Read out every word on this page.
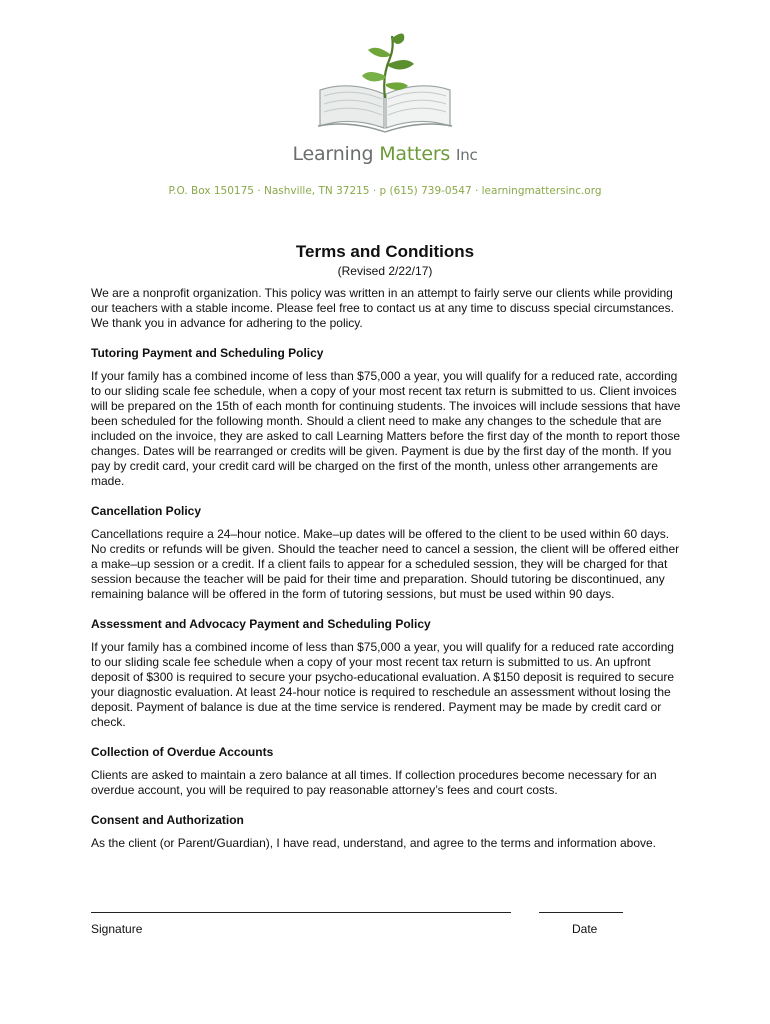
Learning Matters Inc
P.O. Box 150175 · Nashville, TN 37215 · p (615) 739-0547 · learningmattersinc.org
Terms and Conditions
(Revised 2/22/17)

We are a nonprofit organization. This policy was written in an attempt to fairly serve our clients while providing our teachers with a stable income. Please feel free to contact us at any time to discuss special circumstances. We thank you in advance for adhering to the policy.

Tutoring Payment and Scheduling Policy

If your family has a combined income of less than $75,000 a year, you will qualify for a reduced rate, according to our sliding scale fee schedule, when a copy of your most recent tax return is submitted to us. Client invoices will be prepared on the 15th of each month for continuing students. The invoices will include sessions that have been scheduled for the following month. Should a client need to make any changes to the schedule that are included on the invoice, they are asked to call Learning Matters before the first day of the month to report those changes. Dates will be rearranged or credits will be given. Payment is due by the first day of the month. If you pay by credit card, your credit card will be charged on the first of the month, unless other arrangements are made.

Cancellation Policy

Cancellations require a 24–hour notice. Make–up dates will be offered to the client to be used within 60 days. No credits or refunds will be given. Should the teacher need to cancel a session, the client will be offered either a make–up session or a credit. If a client fails to appear for a scheduled session, they will be charged for that session because the teacher will be paid for their time and preparation. Should tutoring be discontinued, any remaining balance will be offered in the form of tutoring sessions, but must be used within 90 days.

Assessment and Advocacy Payment and Scheduling Policy

If your family has a combined income of less than $75,000 a year, you will qualify for a reduced rate according to our sliding scale fee schedule when a copy of your most recent tax return is submitted to us. An upfront deposit of $300 is required to secure your psycho-educational evaluation. A $150 deposit is required to secure your diagnostic evaluation. At least 24-hour notice is required to reschedule an assessment without losing the deposit. Payment of balance is due at the time service is rendered. Payment may be made by credit card or check.

Collection of Overdue Accounts

Clients are asked to maintain a zero balance at all times. If collection procedures become necessary for an overdue account, you will be required to pay reasonable attorney’s fees and court costs.

Consent and Authorization

As the client (or Parent/Guardian), I have read, understand, and agree to the terms and information above.

Signature	Date
